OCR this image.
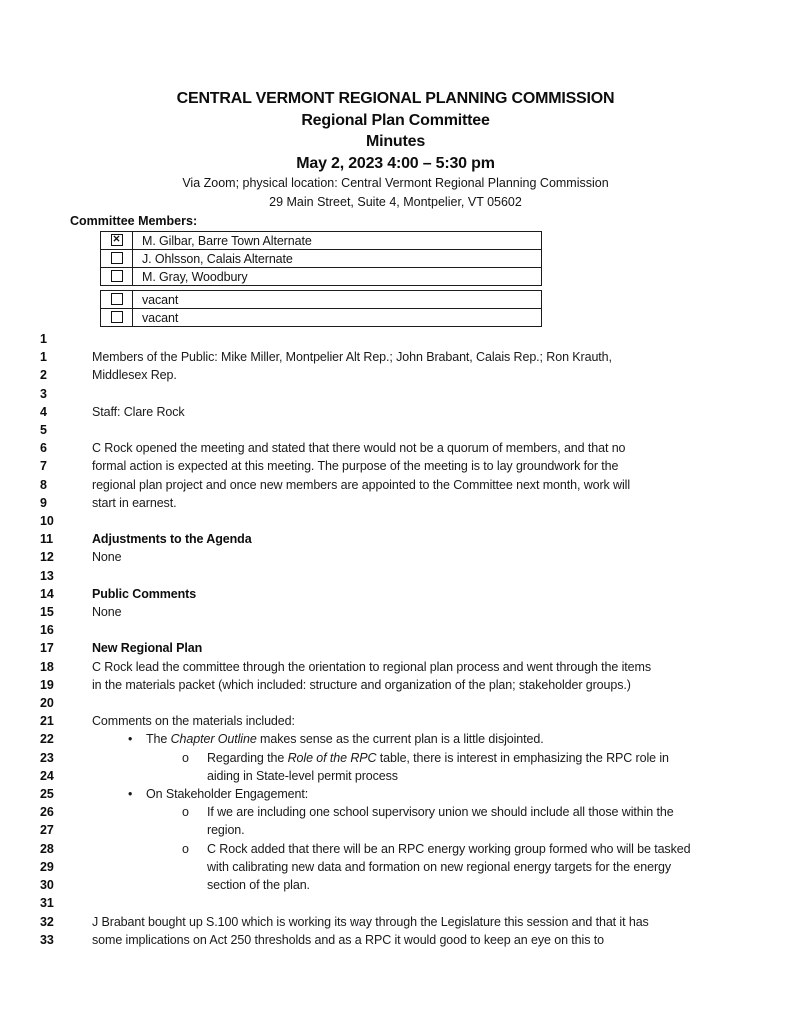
CENTRAL VERMONT REGIONAL PLANNING COMMISSION
Regional Plan Committee
Minutes
May 2, 2023 4:00 – 5:30 pm
Via Zoom; physical location: Central Vermont Regional Planning Commission
29 Main Street, Suite 4, Montpelier, VT 05602
Committee Members:
✕	M. Gilbar, Barre Town Alternate
	J. Ohlsson, Calais Alternate
	M. Gray, Woodbury
	vacant
	vacant
1
1	Members of the Public: Mike Miller, Montpelier Alt Rep.; John Brabant, Calais Rep.; Ron Krauth,
2	Middlesex Rep.
3
4	Staff: Clare Rock
5
6	C Rock opened the meeting and stated that there would not be a quorum of members, and that no
7	formal action is expected at this meeting. The purpose of the meeting is to lay groundwork for the
8	regional plan project and once new members are appointed to the Committee next month, work will
9	start in earnest.
10
11	Adjustments to the Agenda
12	None
13
14	Public Comments
15	None
16
17	New Regional Plan
18	C Rock lead the committee through the orientation to regional plan process and went through the items
19	in the materials packet (which included: structure and organization of the plan; stakeholder groups.)
20
21	Comments on the materials included:
22	• The Chapter Outline makes sense as the current plan is a little disjointed.
23	o Regarding the Role of the RPC table, there is interest in emphasizing the RPC role in
24	aiding in State-level permit process
25	• On Stakeholder Engagement:
26	o If we are including one school supervisory union we should include all those within the
27	region.
28	o C Rock added that there will be an RPC energy working group formed who will be tasked
29	with calibrating new data and formation on new regional energy targets for the energy
30	section of the plan.
31
32	J Brabant bought up S.100 which is working its way through the Legislature this session and that it has
33	some implications on Act 250 thresholds and as a RPC it would good to keep an eye on this to
